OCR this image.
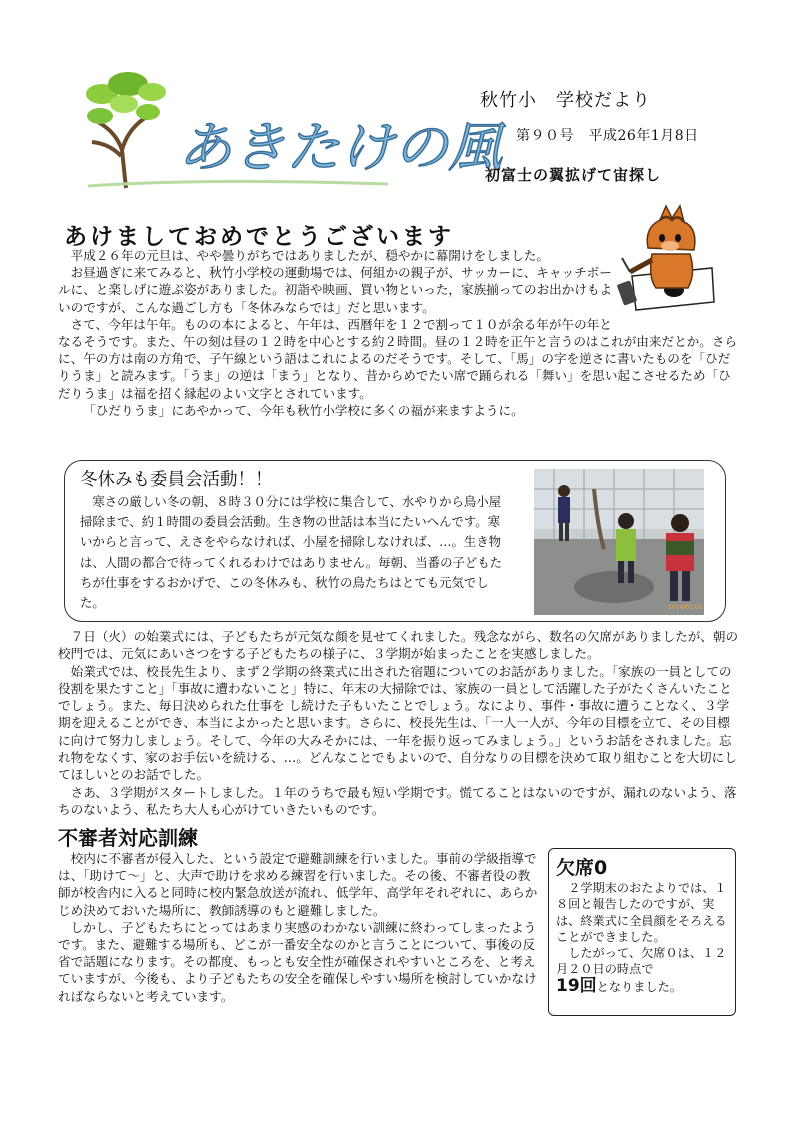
あきたけの風
秋竹小　学校だより
第９０号　平成26年1月8日
初富士の翼拡げて宙探し
あけましておめでとうございます

平成２６年の元旦は、やや曇りがちではありましたが、穏やかに幕開けをしました。

お昼過ぎに来てみると、秋竹小学校の運動場では、何組かの親子が、サッカーに、キャッチボールに、と楽しげに遊ぶ姿がありました。初詣や映画、買い物といった，家族揃ってのお出かけもよいのですが、こんな過ごし方も「冬休みならでは」だと思います。

さて、今年は午年。ものの本によると、午年は、西暦年を１２で割って１０が余る年が午の年となるそうです。また、午の刻は昼の１２時を中心とする約２時間。昼の１２時を正午と言うのはこれが由来だとか。さらに、午の方は南の方角で、子午線という語はこれによるのだそうです。そして、「馬」の字を逆さに書いたものを「ひだりうま」と読みます。「うま」の逆は「まう」となり、昔からめでたい席で踊られる「舞い」を思い起こさせるため「ひだりうま」は福を招く縁起のよい文字とされています。

「ひだりうま」にあやかって、今年も秋竹小学校に多くの福が来ますように。

冬休みも委員会活動！！

寒さの厳しい冬の朝、８時３０分には学校に集合して、水やりから鳥小屋掃除まで、約１時間の委員会活動。生き物の世話は本当にたいへんです。寒いからと言って、えさをやらなければ、小屋を掃除しなければ、…。生き物は、人間の都合で待ってくれるわけではありません。毎朝、当番の子どもたちが仕事をするおかげで、この冬休みも、秋竹の鳥たちはとても元気でした。	2014/01/06

７日（火）の始業式には、子どもたちが元気な顔を見せてくれました。残念ながら、数名の欠席がありましたが、朝の校門では、元気にあいさつをする子どもたちの様子に、３学期が始まったことを実感しました。

始業式では、校長先生より、まず２学期の終業式に出された宿題についてのお話がありました。「家族の一員としての役割を果たすこと」「事故に遭わないこと」特に、年末の大掃除では、家族の一員として活躍した子がたくさんいたことでしょう。また、毎日決められた仕事を し続けた子もいたことでしょう。なにより、事件・事故に遭うことなく、３学期を迎えることができ、本当によかったと思います。さらに、校長先生は、「一人一人が、今年の目標を立て、その目標に向けて努力しましょう。そして、今年の大みそかには、一年を振り返ってみましょう。」というお話をされました。忘れ物をなくす、家のお手伝いを続ける、…。どんなことでもよいので、自分なりの目標を決めて取り組むことを大切にしてほしいとのお話でした。

さあ、３学期がスタートしました。１年のうちで最も短い学期です。慌てることはないのですが、漏れのないよう、落ちのないよう、私たち大人も心がけていきたいものです。

不審者対応訓練

校内に不審者が侵入した、という設定で避難訓練を行いました。事前の学級指導では、「助けて～」と、大声で助けを求める練習を行いました。その後、不審者役の教師が校舎内に入ると同時に校内緊急放送が流れ、低学年、高学年それぞれに、あらかじめ決めておいた場所に、教師誘導のもと避難しました。

しかし、子どもたちにとってはあまり実感のわかない訓練に終わってしまったようです。また、避難する場所も、どこが一番安全なのかと言うことについて、事後の反省で話題になります。その都度、もっとも安全性が確保されやすいところを、と考えていますが、今後も、より子どもたちの安全を確保しやすい場所を検討していかなければならないと考えています。

欠席0

２学期末のおたよりでは、１８回と報告したのですが、実は、終業式に全員顔をそろえることができました。

したがって、欠席０は、１２月２０日の時点で
19回となりました。
